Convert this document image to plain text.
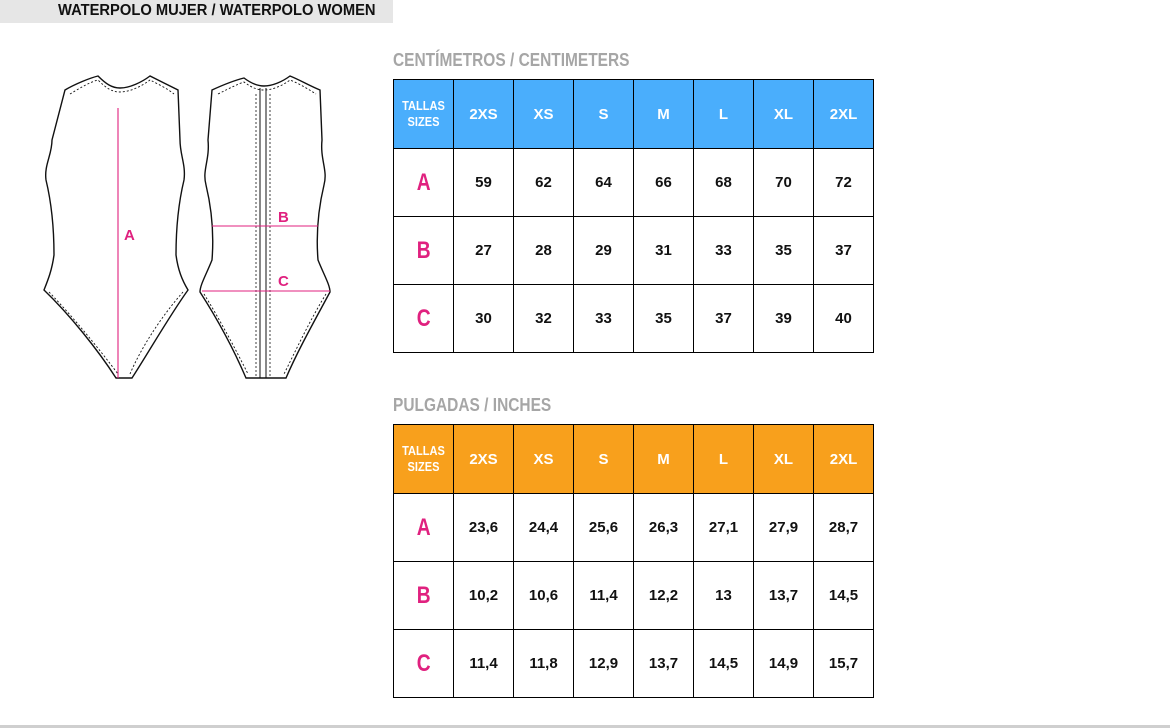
WATERPOLO MUJER / WATERPOLO WOMEN
A
B
C
CENTÍMETROS / CENTIMETERS
TALLAS
SIZES	2XS	XS	S	M	L	XL	2XL
A	59	62	64	66	68	70	72
B	27	28	29	31	33	35	37
C	30	32	33	35	37	39	40
PULGADAS / INCHES
TALLAS
SIZES	2XS	XS	S	M	L	XL	2XL
A	23,6	24,4	25,6	26,3	27,1	27,9	28,7
B	10,2	10,6	11,4	12,2	13	13,7	14,5
C	11,4	11,8	12,9	13,7	14,5	14,9	15,7
